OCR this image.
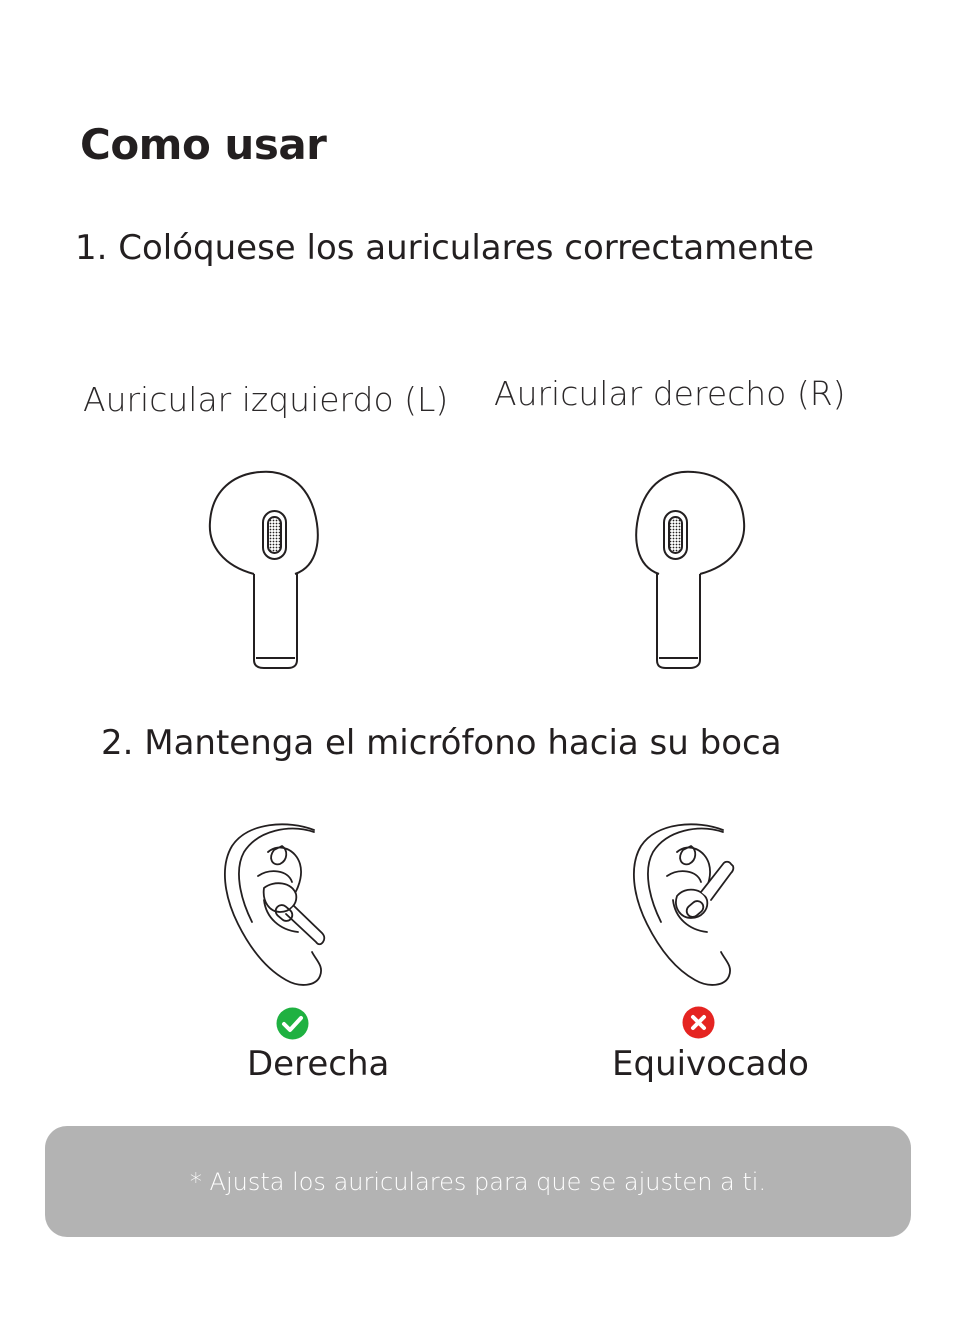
Como usar
1. Colóquese los auriculares correctamente
Auricular izquierdo (L) Auricular derecho (R)
2. Mantenga el micrófono hacia su boca
Derecha	Equivocado
* Ajusta los auriculares para que se ajusten a ti.
